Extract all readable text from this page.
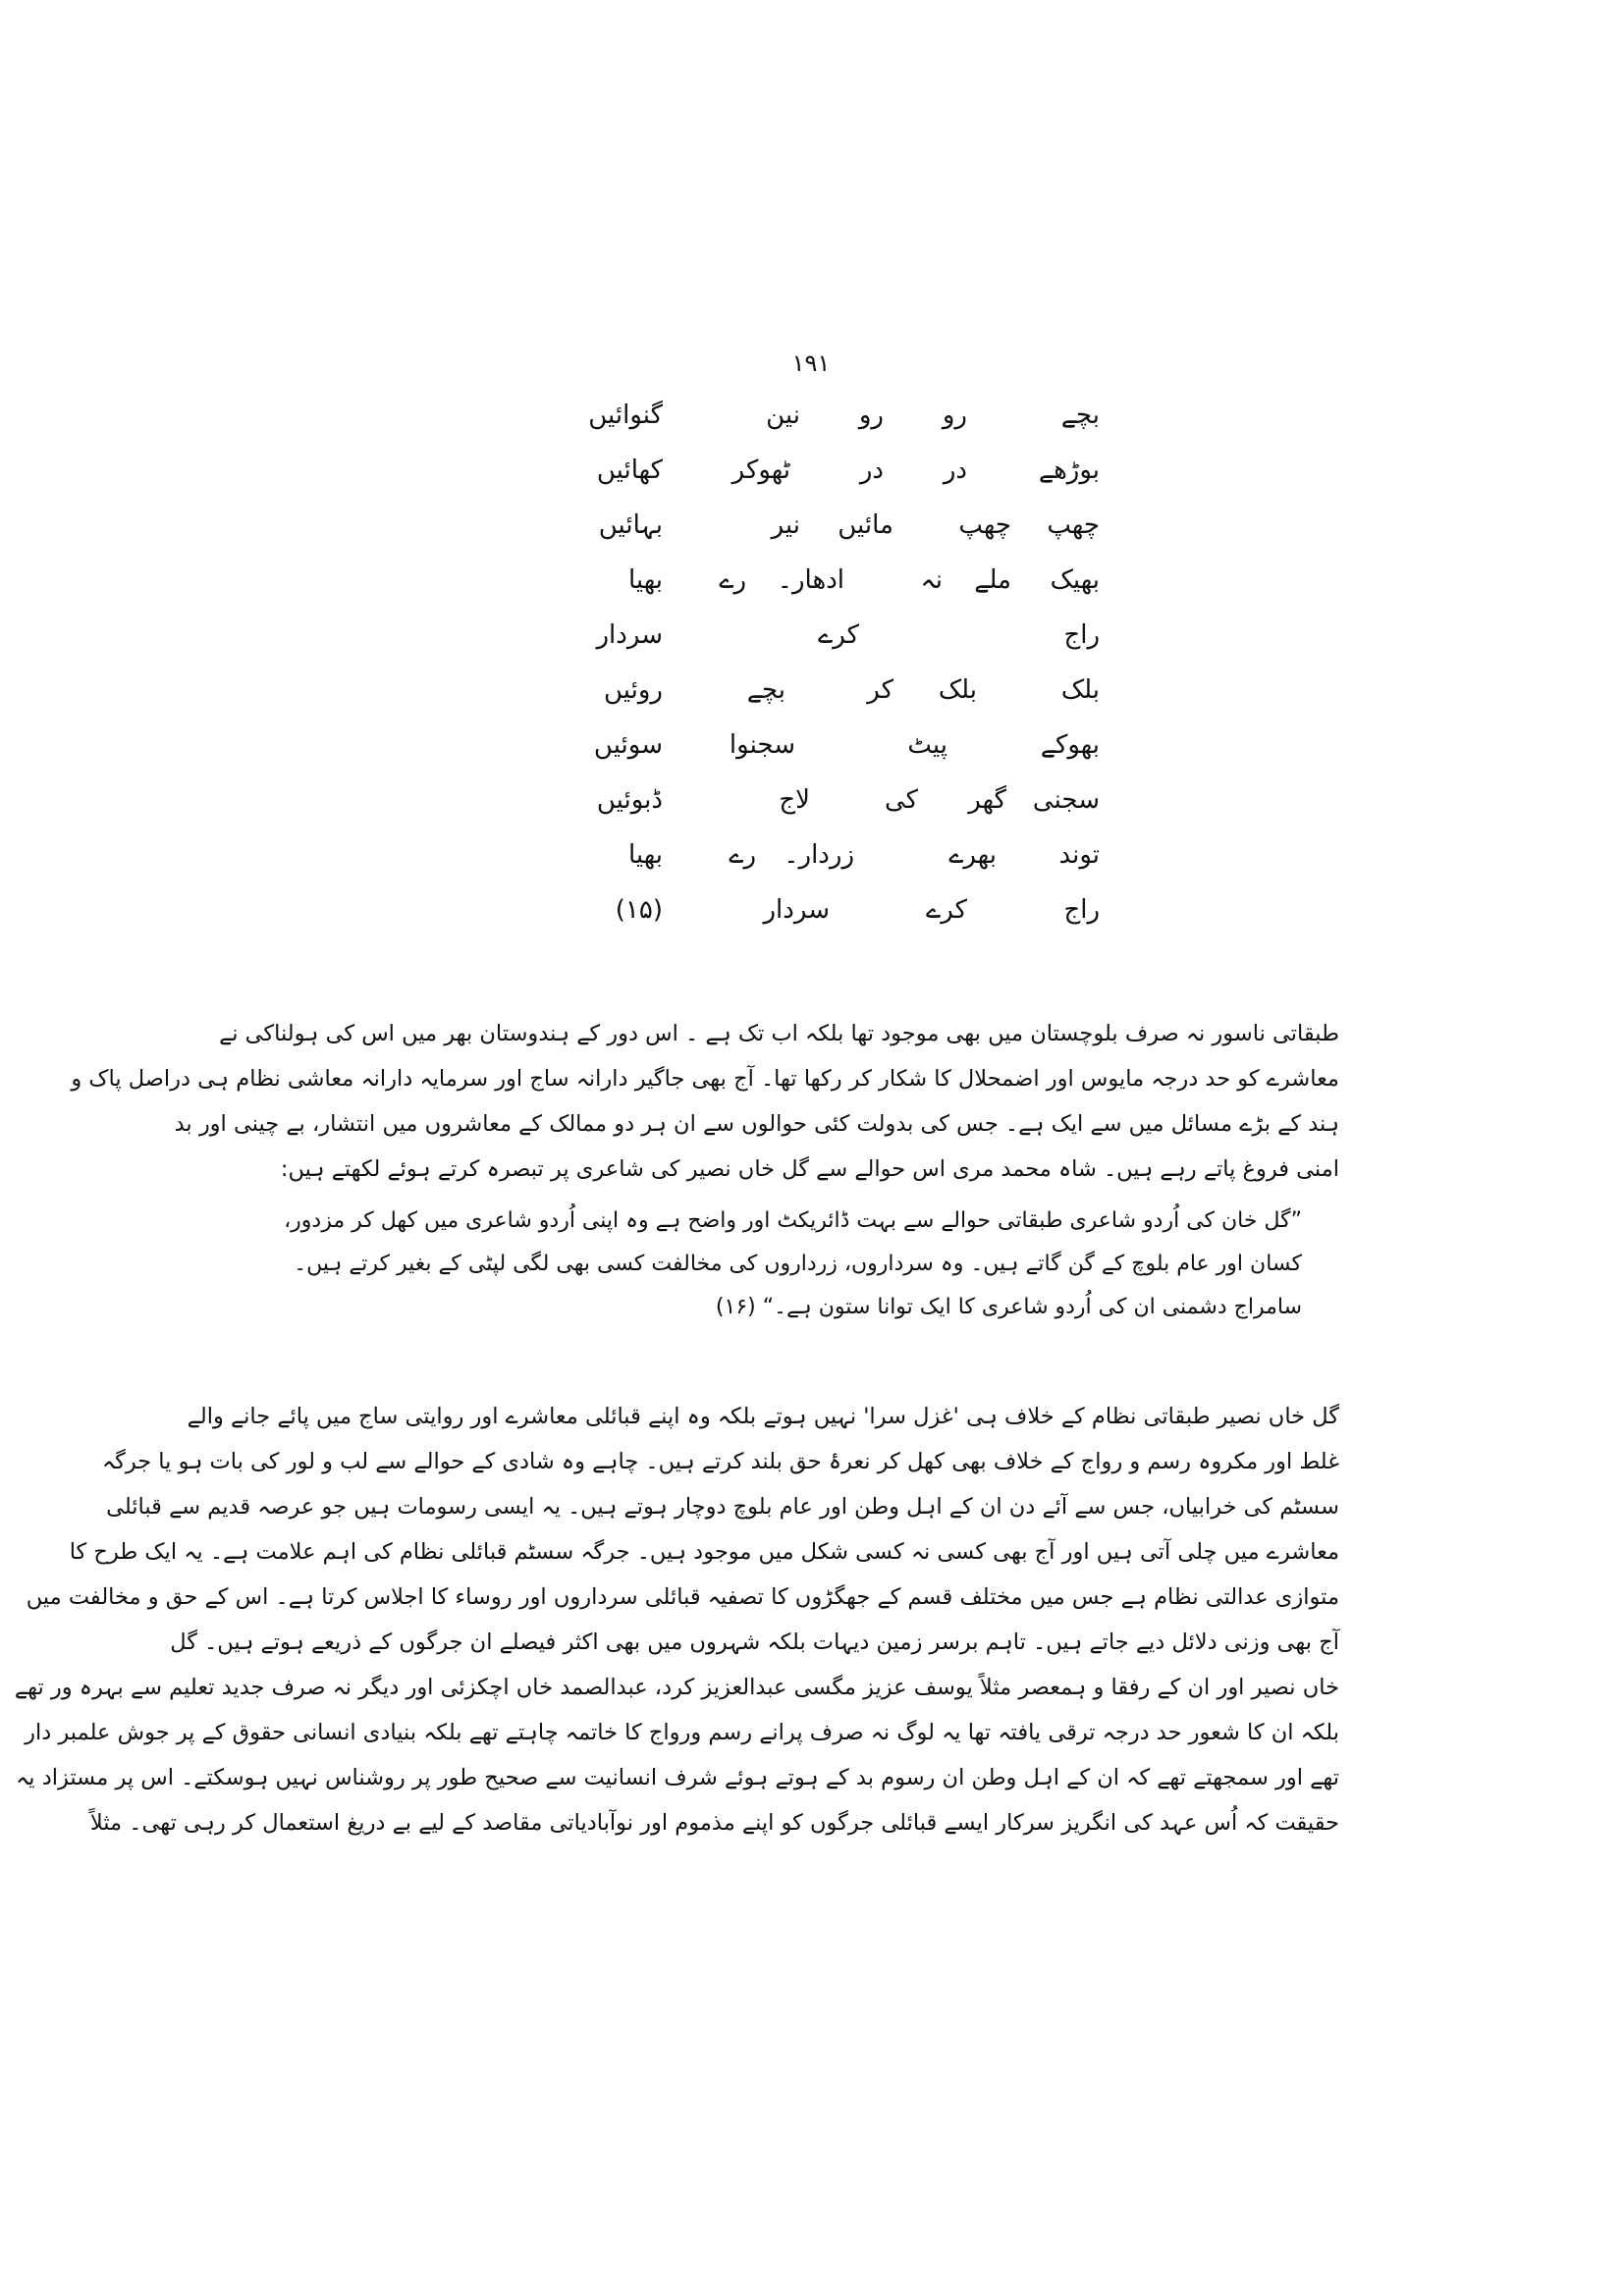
۱۹۱
بچے
رو
رو
نین
گنوائیں
بوڑھے
در
در
ٹھوکر
کھائیں
چھپ
چھپ
مائیں
نیر
بہائیں
بھیک
ملے
نہ
ادھار۔
رے
بھیا
راج
کرے
سردار
بلک
بلک
کر
بچے
روئیں
بھوکے
پیٹ
سجنوا
سوئیں
سجنی
گھر
کی
لاج
ڈبوئیں
توند
بھرے
زردار۔
رے
بھیا
راج
کرے
سردار
(۱۵)
طبقاتی ناسور نہ صرف بلوچستان میں بھی موجود تھا بلکہ اب تک ہے ۔ اس دور کے ہندوستان بھر میں اس کی ہولناکی نے
معاشرے کو حد درجہ مایوس اور اضمحلال کا شکار کر رکھا تھا۔ آج بھی جاگیر دارانہ ساج اور سرمایہ دارانہ معاشی نظام ہی دراصل پاک و
ہند کے بڑے مسائل میں سے ایک ہے۔ جس کی بدولت کئی حوالوں سے ان ہر دو ممالک کے معاشروں میں انتشار، بے چینی اور بد
امنی فروغ پاتے رہے ہیں۔ شاہ محمد مری اس حوالے سے گل خاں نصیر کی شاعری پر تبصرہ کرتے ہوئے لکھتے ہیں:
”گل خان کی اُردو شاعری طبقاتی حوالے سے بہت ڈائریکٹ اور واضح ہے وہ اپنی اُردو شاعری میں کھل کر مزدور،
کسان اور عام بلوچ کے گن گاتے ہیں۔ وہ سرداروں، زرداروں کی مخالفت کسی بھی لگی لپٹی کے بغیر کرتے ہیں۔
سامراج دشمنی ان کی اُردو شاعری کا ایک توانا ستون ہے۔“ (۱۶)
گل خاں نصیر طبقاتی نظام کے خلاف ہی 'غزل سرا' نہیں ہوتے بلکہ وہ اپنے قبائلی معاشرے اور روایتی ساج میں پائے جانے والے
غلط اور مکروہ رسم و رواج کے خلاف بھی کھل کر نعرۂ حق بلند کرتے ہیں۔ چاہے وہ شادی کے حوالے سے لب و لور کی بات ہو یا جرگہ
سسٹم کی خرابیاں، جس سے آئے دن ان کے اہل وطن اور عام بلوچ دوچار ہوتے ہیں۔ یہ ایسی رسومات ہیں جو عرصہ قدیم سے قبائلی
معاشرے میں چلی آتی ہیں اور آج بھی کسی نہ کسی شکل میں موجود ہیں۔ جرگہ سسٹم قبائلی نظام کی اہم علامت ہے۔ یہ ایک طرح کا
متوازی عدالتی نظام ہے جس میں مختلف قسم کے جھگڑوں کا تصفیہ قبائلی سرداروں اور روساء کا اجلاس کرتا ہے۔ اس کے حق و مخالفت میں
آج بھی وزنی دلائل دیے جاتے ہیں۔ تاہم برسر زمین دیہات بلکہ شہروں میں بھی اکثر فیصلے ان جرگوں کے ذریعے ہوتے ہیں۔ گل
خاں نصیر اور ان کے رفقا و ہمعصر مثلاً یوسف عزیز مگسی عبدالعزیز کرد، عبدالصمد خاں اچکزئی اور دیگر نہ صرف جدید تعلیم سے بہرہ ور تھے
بلکہ ان کا شعور حد درجہ ترقی یافتہ تھا یہ لوگ نہ صرف پرانے رسم ورواج کا خاتمہ چاہتے تھے بلکہ بنیادی انسانی حقوق کے پر جوش علمبر دار
تھے اور سمجھتے تھے کہ ان کے اہل وطن ان رسوم بد کے ہوتے ہوئے شرف انسانیت سے صحیح طور پر روشناس نہیں ہوسکتے۔ اس پر مستزاد یہ
حقیقت کہ اُس عہد کی انگریز سرکار ایسے قبائلی جرگوں کو اپنے مذموم اور نوآبادیاتی مقاصد کے لیے بے دریغ استعمال کر رہی تھی۔ مثلاً
